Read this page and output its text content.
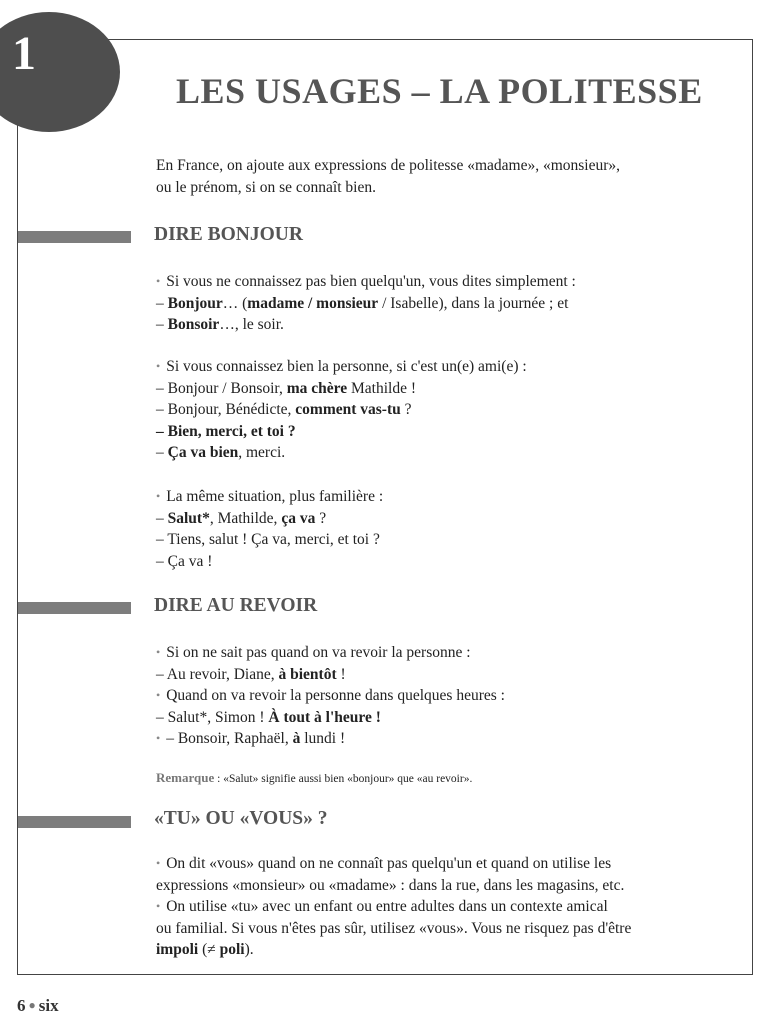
1
LES USAGES – LA POLITESSE
En France, on ajoute aux expressions de politesse «madame», «monsieur»,
ou le prénom, si on se connaît bien.
DIRE BONJOUR
• Si vous ne connaissez pas bien quelqu'un, vous dites simplement :
– Bonjour… (madame / monsieur / Isabelle), dans la journée ; et
– Bonsoir…, le soir.
• Si vous connaissez bien la personne, si c'est un(e) ami(e) :
– Bonjour / Bonsoir, ma chère Mathilde !
– Bonjour, Bénédicte, comment vas-tu ?
– Bien, merci, et toi ?
– Ça va bien, merci.
• La même situation, plus familière :
– Salut*, Mathilde, ça va ?
– Tiens, salut ! Ça va, merci, et toi ?
– Ça va !
DIRE AU REVOIR
• Si on ne sait pas quand on va revoir la personne :
– Au revoir, Diane, à bientôt !
• Quand on va revoir la personne dans quelques heures :
– Salut*, Simon ! À tout à l'heure !
• – Bonsoir, Raphaël, à lundi !
Remarque : «Salut» signifie aussi bien «bonjour» que «au revoir».
«TU» OU «VOUS» ?
• On dit «vous» quand on ne connaît pas quelqu'un et quand on utilise les
expressions «monsieur» ou «madame» : dans la rue, dans les magasins, etc.
• On utilise «tu» avec un enfant ou entre adultes dans un contexte amical
ou familial. Si vous n'êtes pas sûr, utilisez «vous». Vous ne risquez pas d'être
impoli (≠ poli).
6 ● six
